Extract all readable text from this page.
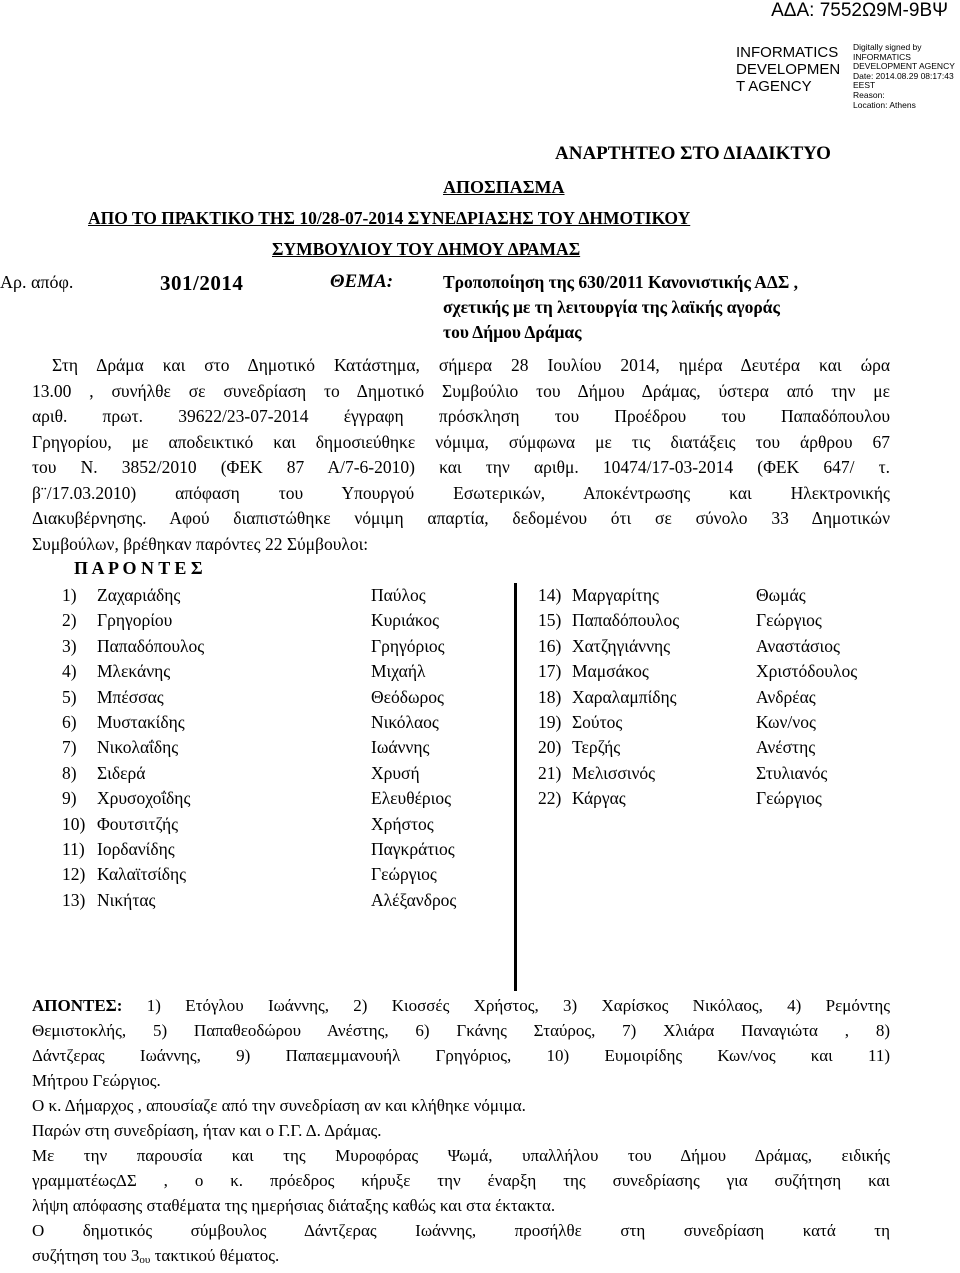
ΑΔΑ: 7552Ω9Μ-9ΒΨ
INFORMATICS
DEVELOPMEN
T AGENCY
Digitally signed by
INFORMATICS
DEVELOPMENT AGENCY
Date: 2014.08.29 08:17:43
EEST
Reason:
Location: Athens
ΑΝΑΡΤΗΤΕΟ ΣΤΟ ΔΙΑΔΙΚΤΥΟ
ΑΠΟΣΠΑΣΜΑ
ΑΠΟ ΤΟ ΠΡΑΚΤΙΚΟ ΤΗΣ 10/28-07-2014 ΣΥΝΕΔΡΙΑΣΗΣ ΤΟΥ ΔΗΜΟΤΙΚΟΥ
ΣΥΜΒΟΥΛΙΟΥ ΤΟΥ ΔΗΜΟΥ ΔΡΑΜΑΣ
Αρ. απόφ.	301/2014	ΘΕΜΑ:	Τροποποίηση της 630/2011 Κανονιστικής ΑΔΣ ,
σχετικής με τη λειτουργία της λαϊκής αγοράς
του Δήμου Δράμας
Στη Δράμα και στο Δημοτικό Κατάστημα, σήμερα 28 Ιουλίου 2014, ημέρα Δευτέρα και ώρα
13.00 , συνήλθε σε συνεδρίαση το Δημοτικό Συμβούλιο του Δήμου Δράμας, ύστερα από την με
αριθ. πρωτ. 39622/23-07-2014 έγγραφη πρόσκληση του Προέδρου του Παπαδόπουλου
Γρηγορίου, με αποδεικτικό και δημοσιεύθηκε νόμιμα, σύμφωνα με τις διατάξεις του άρθρου 67
του Ν. 3852/2010 (ΦΕΚ 87 Α/7-6-2010) και την αριθμ. 10474/17-03-2014 (ΦΕΚ 647/ τ.
β¨/17.03.2010) απόφαση του Υπουργού Εσωτερικών, Αποκέντρωσης και Ηλεκτρονικής
Διακυβέρνησης. Αφού διαπιστώθηκε νόμιμη απαρτία, δεδομένου ότι σε σύνολο 33 Δημοτικών
Συμβούλων, βρέθηκαν παρόντες 22 Σύμβουλοι:
Π Α Ρ Ο Ν Τ Ε Σ
1) Ζαχαριάδης	Παύλος
2) Γρηγορίου	Κυριάκος
3) Παπαδόπουλος	Γρηγόριος
4) Μλεκάνης	Μιχαήλ
5) Μπέσσας	Θεόδωρος
6) Μυστακίδης	Νικόλαος
7) Νικολαΐδης	Ιωάννης
8) Σιδερά	Χρυσή
9) Χρυσοχοΐδης	Ελευθέριος
10) Φουτσιτζής	Χρήστος
11) Ιορδανίδης	Παγκράτιος
12) Καλαϊτσίδης	Γεώργιος
13) Νικήτας	Αλέξανδρος
14) Μαργαρίτης	Θωμάς
15) Παπαδόπουλος	Γεώργιος
16) Χατζηγιάννης	Αναστάσιος
17) Μαμσάκος	Χριστόδουλος
18) Χαραλαμπίδης	Ανδρέας
19) Σούτος	Κων/νος
20) Τερζής	Ανέστης
21) Μελισσινός	Στυλιανός
22) Κάργας	Γεώργιος
ΑΠΟΝΤΕΣ: 1) Ετόγλου Ιωάννης, 2) Κιοσσές Χρήστος, 3) Χαρίσκος Νικόλαος, 4) Ρεμόντης
Θεμιστοκλής, 5) Παπαθεοδώρου Ανέστης, 6) Γκάνης Σταύρος, 7) Χλιάρα Παναγιώτα , 8)
Δάντζερας Ιωάννης, 9) Παπαεμμανουήλ Γρηγόριος, 10) Ευμοιρίδης Κων/νος και 11)
Μήτρου Γεώργιος.
Ο κ. Δήμαρχος , απουσίαζε από την συνεδρίαση αν και κλήθηκε νόμιμα.
Παρών στη συνεδρίαση, ήταν και ο Γ.Γ. Δ. Δράμας.
Με την παρουσία και της Μυροφόρας Ψωμά, υπαλλήλου του Δήμου Δράμας, ειδικής
γραμματέωςΔΣ , ο κ. πρόεδρος κήρυξε την έναρξη της συνεδρίασης για συζήτηση και
λήψη απόφασης σταθέματα της ημερήσιας διάταξης καθώς και στα έκτακτα.
Ο δημοτικός σύμβουλος Δάντζερας Ιωάννης, προσήλθε στη συνεδρίαση κατά τη
συζήτηση του $3_{o\upsilon}$ τακτικού θέματος.
